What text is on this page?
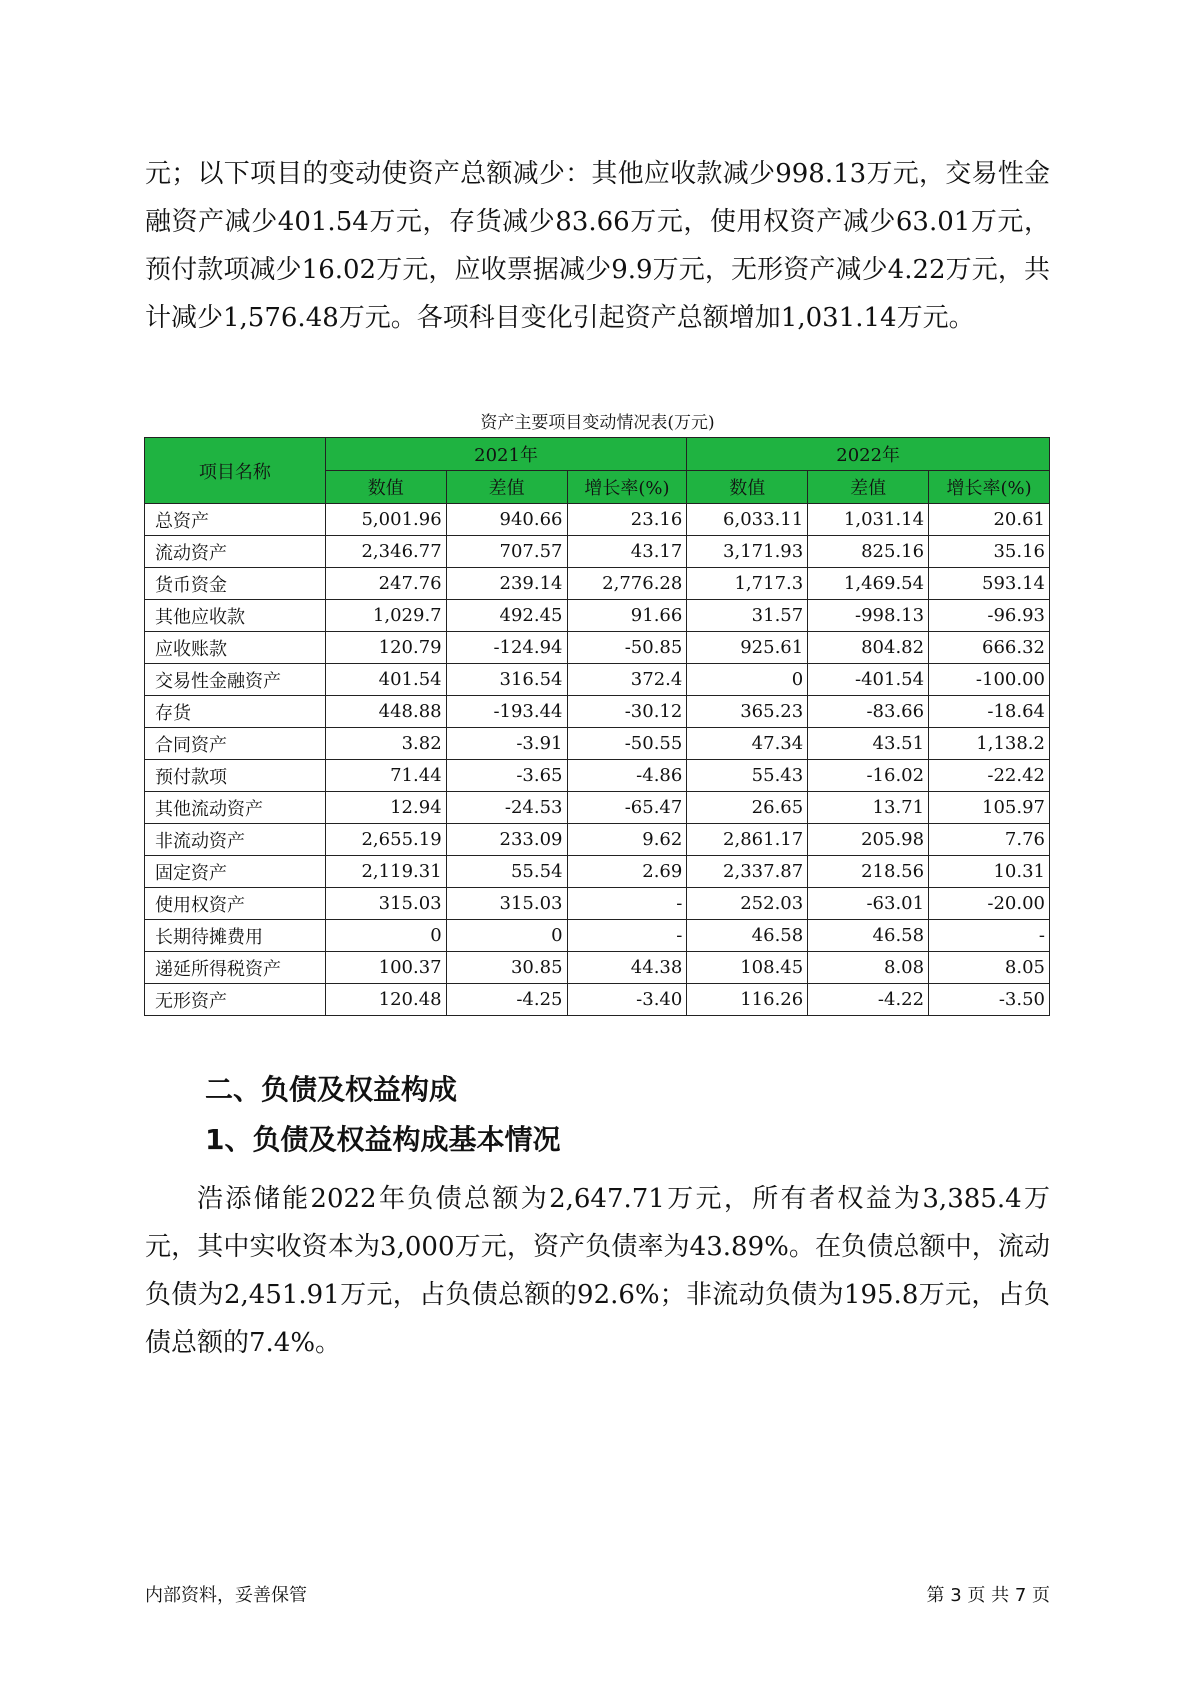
元；以下项目的变动使资产总额减少：其他应收款减少998.13万元，交易性金融资产减少401.54万元，存货减少83.66万元，使用权资产减少63.01万元，预付款项减少16.02万元，应收票据减少9.9万元，无形资产减少4.22万元，共计减少1,576.48万元。各项科目变化引起资产总额增加1,031.14万元。

资产主要项目变动情况表(万元)
项目名称	2021年			2022年		
	数值	差值	增长率(%)	数值	差值	增长率(%)
总资产	5,001.96	940.66	23.16	6,033.11	1,031.14	20.61
流动资产	2,346.77	707.57	43.17	3,171.93	825.16	35.16
货币资金	247.76	239.14	2,776.28	1,717.3	1,469.54	593.14
其他应收款	1,029.7	492.45	91.66	31.57	-998.13	-96.93
应收账款	120.79	-124.94	-50.85	925.61	804.82	666.32
交易性金融资产	401.54	316.54	372.4	0	-401.54	-100.00
存货	448.88	-193.44	-30.12	365.23	-83.66	-18.64
合同资产	3.82	-3.91	-50.55	47.34	43.51	1,138.2
预付款项	71.44	-3.65	-4.86	55.43	-16.02	-22.42
其他流动资产	12.94	-24.53	-65.47	26.65	13.71	105.97
非流动资产	2,655.19	233.09	9.62	2,861.17	205.98	7.76
固定资产	2,119.31	55.54	2.69	2,337.87	218.56	10.31
使用权资产	315.03	315.03	-	252.03	-63.01	-20.00
长期待摊费用	0	0	-	46.58	46.58	-
递延所得税资产	100.37	30.85	44.38	108.45	8.08	8.05
无形资产	120.48	-4.25	-3.40	116.26	-4.22	-3.50
二、负债及权益构成
1、负债及权益构成基本情况

浩添储能2022年负债总额为2,647.71万元，所有者权益为3,385.4万元，其中实收资本为3,000万元，资产负债率为43.89%。在负债总额中，流动负债为2,451.91万元，占负债总额的92.6%；非流动负债为195.8万元，占负债总额的7.4%。

内部资料，妥善保管	第 3 页 共 7 页
